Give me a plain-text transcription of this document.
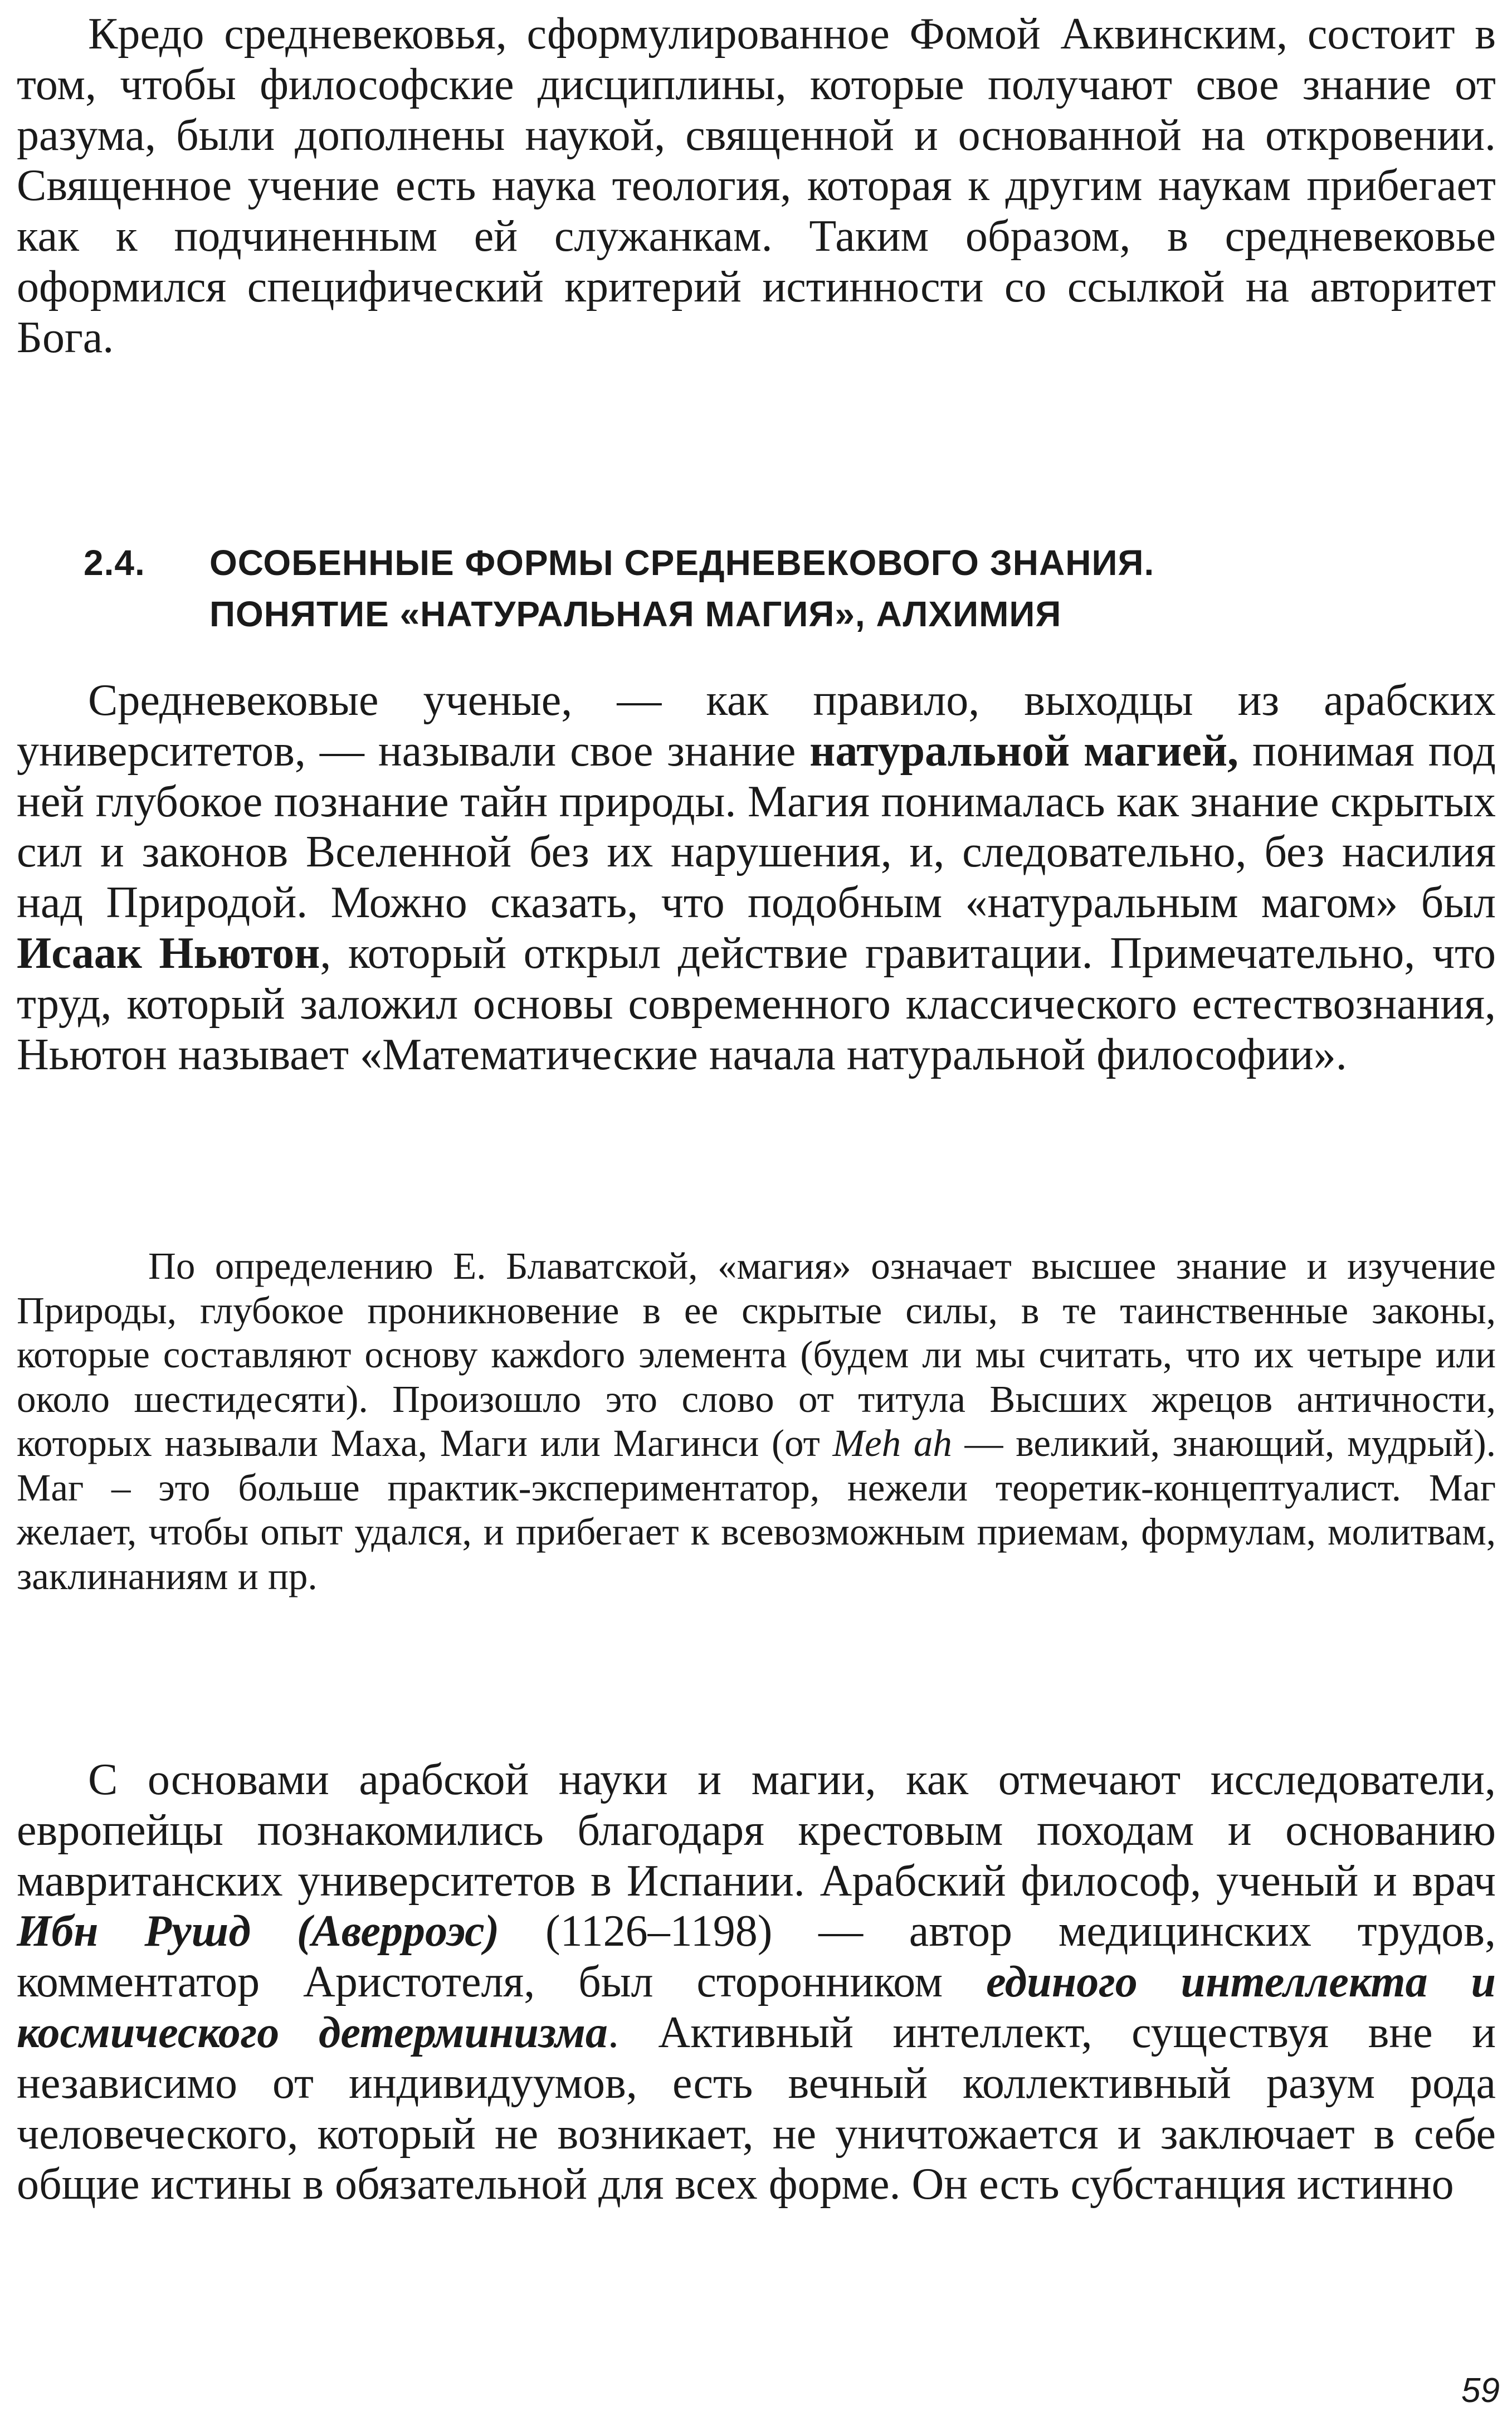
Кредо средневековья, сформулированное Фомой Аквинским, состоит в том, чтобы философские дисциплины, которые получают свое знание от разума, были дополнены наукой, священной и основанной на откровении. Священное учение есть наука теология, которая к другим наукам прибегает как к подчиненным ей служанкам. Таким образом, в средневековье оформился специфический критерий истинности со ссылкой на авторитет Бога.

2.4. ОСОБЕННЫЕ ФОРМЫ СРЕДНЕВЕКОВОГО ЗНАНИЯ.
ПОНЯТИЕ «НАТУРАЛЬНАЯ МАГИЯ», АЛХИМИЯ

Средневековые ученые, — как правило, выходцы из арабских университетов, — называли свое знание натуральной магией, понимая под ней глубокое познание тайн природы. Магия понималась как знание скрытых сил и законов Вселенной без их нарушения, и, следовательно, без насилия над Природой. Можно сказать, что подобным «натуральным магом» был Исаак Ньютон, который открыл действие гравитации. Примечательно, что труд, который заложил основы современного классического естествознания, Ньютон называет «Математические начала натуральной философии».

По определению Е. Блаватской, «магия» означает высшее знание и изучение Природы, глубокое проникновение в ее скрытые силы, в те таинственные законы, которые составляют основу кажdого элемента (будем ли мы считать, что их четыре или около шестидесяти). Произошло это слово от титула Высших жрецов античности, которых называли Маха, Маги или Магинси (от Meh ah — великий, знающий, мудрый). Маг – это больше практик-экспериментатор, нежели теоретик-концептуалист. Маг желает, чтобы опыт удался, и прибегает к всевозможным приемам, формулам, молитвам, заклинаниям и пр.

С основами арабской науки и магии, как отмечают исследователи, европейцы познакомились благодаря крестовым походам и основанию мавританских университетов в Испании. Арабский философ, ученый и врач Ибн Рушд (Аверроэс) (1126–1198) — автор медицинских трудов, комментатор Аристотеля, был сторонником единого интеллекта и космического детерминизма. Активный интеллект, существуя вне и независимо от индивидуумов, есть вечный коллективный разум рода человеческого, который не возникает, не уничтожается и заключает в себе общие истины в обязательной для всех форме. Он есть субстанция истинно

59
